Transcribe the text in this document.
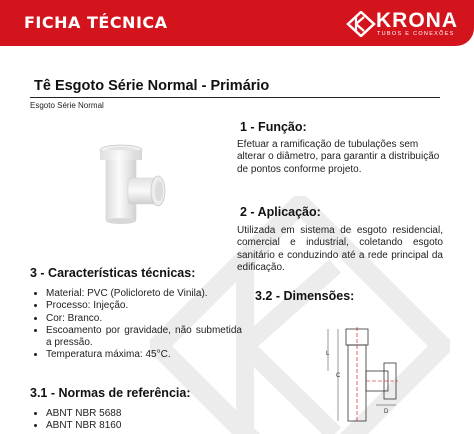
FICHA TÉCNICA	KRONA
TUBOS E CONEXÕES
Tê Esgoto Série Normal - Primário
Esgoto Série Normal
1 - Função:
Efetuar a ramificação de tubulações sem alterar o diâmetro, para garantir a distribuição de pontos conforme projeto.
2 - Aplicação:
Utilizada em sistema de esgoto residencial, comercial e industrial, coletando esgoto sanitário e conduzindo até a rede principal da edificação.
3 - Características técnicas:
• Material: PVC (Policloreto de Vinila).
• Processo: Injeção.
• Cor: Branco.
• Escoamento por gravidade, não submetida a pressão.
• Temperatura máxima: 45°C.
3.2 - Dimensões:
L
C
D
3.1 - Normas de referência:
• ABNT NBR 5688
• ABNT NBR 8160
